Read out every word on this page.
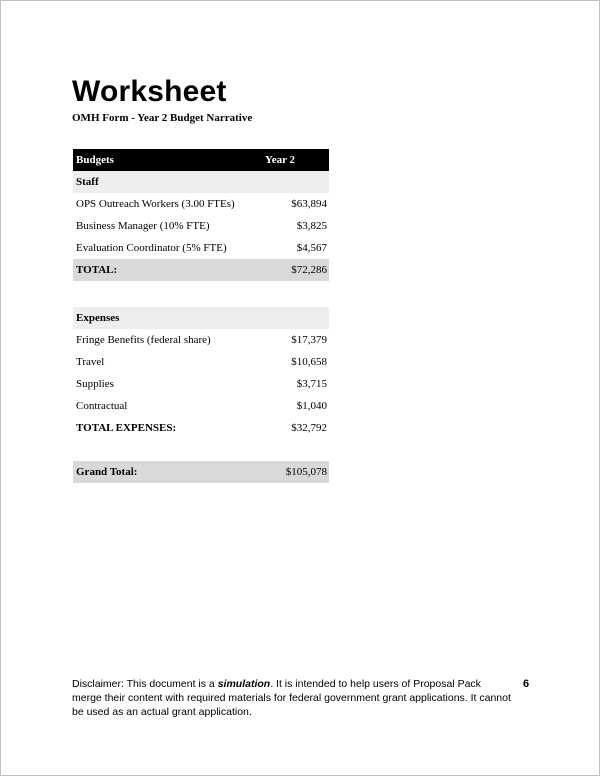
Worksheet
OMH Form - Year 2 Budget Narrative
Budgets	Year 2
Staff
OPS Outreach Workers (3.00 FTEs)	$63,894
Business Manager (10% FTE)	$3,825
Evaluation Coordinator (5% FTE)	$4,567
TOTAL:	$72,286
Expenses
Fringe Benefits (federal share)	$17,379
Travel	$10,658
Supplies	$3,715
Contractual	$1,040
TOTAL EXPENSES:	$32,792
Grand Total:	$105,078
Disclaimer: This document is a simulation. It is intended to help users of Proposal Pack merge their content with required materials for federal government grant applications. It cannot be used as an actual grant application.
6
